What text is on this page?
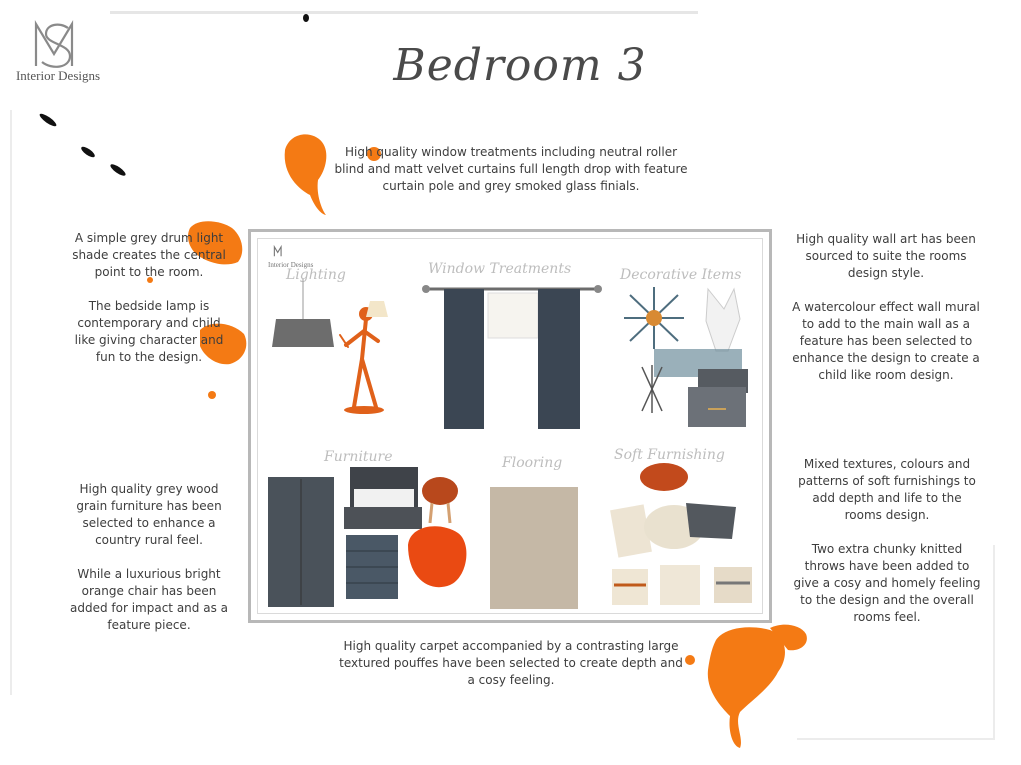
Interior Designs	Bedroom 3

High quality window treatments including neutral roller blind and matt velvet curtains full length drop with feature curtain pole and grey smoked glass finials.

A simple grey drum light shade creates the central point to the room.

The bedside lamp is contemporary and child like giving character and fun to the design.

High quality grey wood grain furniture has been selected to enhance a country rural feel.

While a luxurious bright orange chair has been added for impact and as a feature piece.

High quality wall art has been sourced to suite the rooms design style.

A watercolour effect wall mural to add to the main wall as a feature has been selected to enhance the design to create a child like room design.

Mixed textures, colours and patterns of soft furnishings to add depth and life to the rooms design.

Two extra chunky knitted throws have been added to give a cosy and homely feeling to the design and the overall rooms feel.

High quality carpet accompanied by a contrasting large textured pouffes have been selected to create depth and a cosy feeling.

Interior Designs
Lighting	Window Treatments	Decorative Items
Furniture	Flooring	Soft Furnishing
